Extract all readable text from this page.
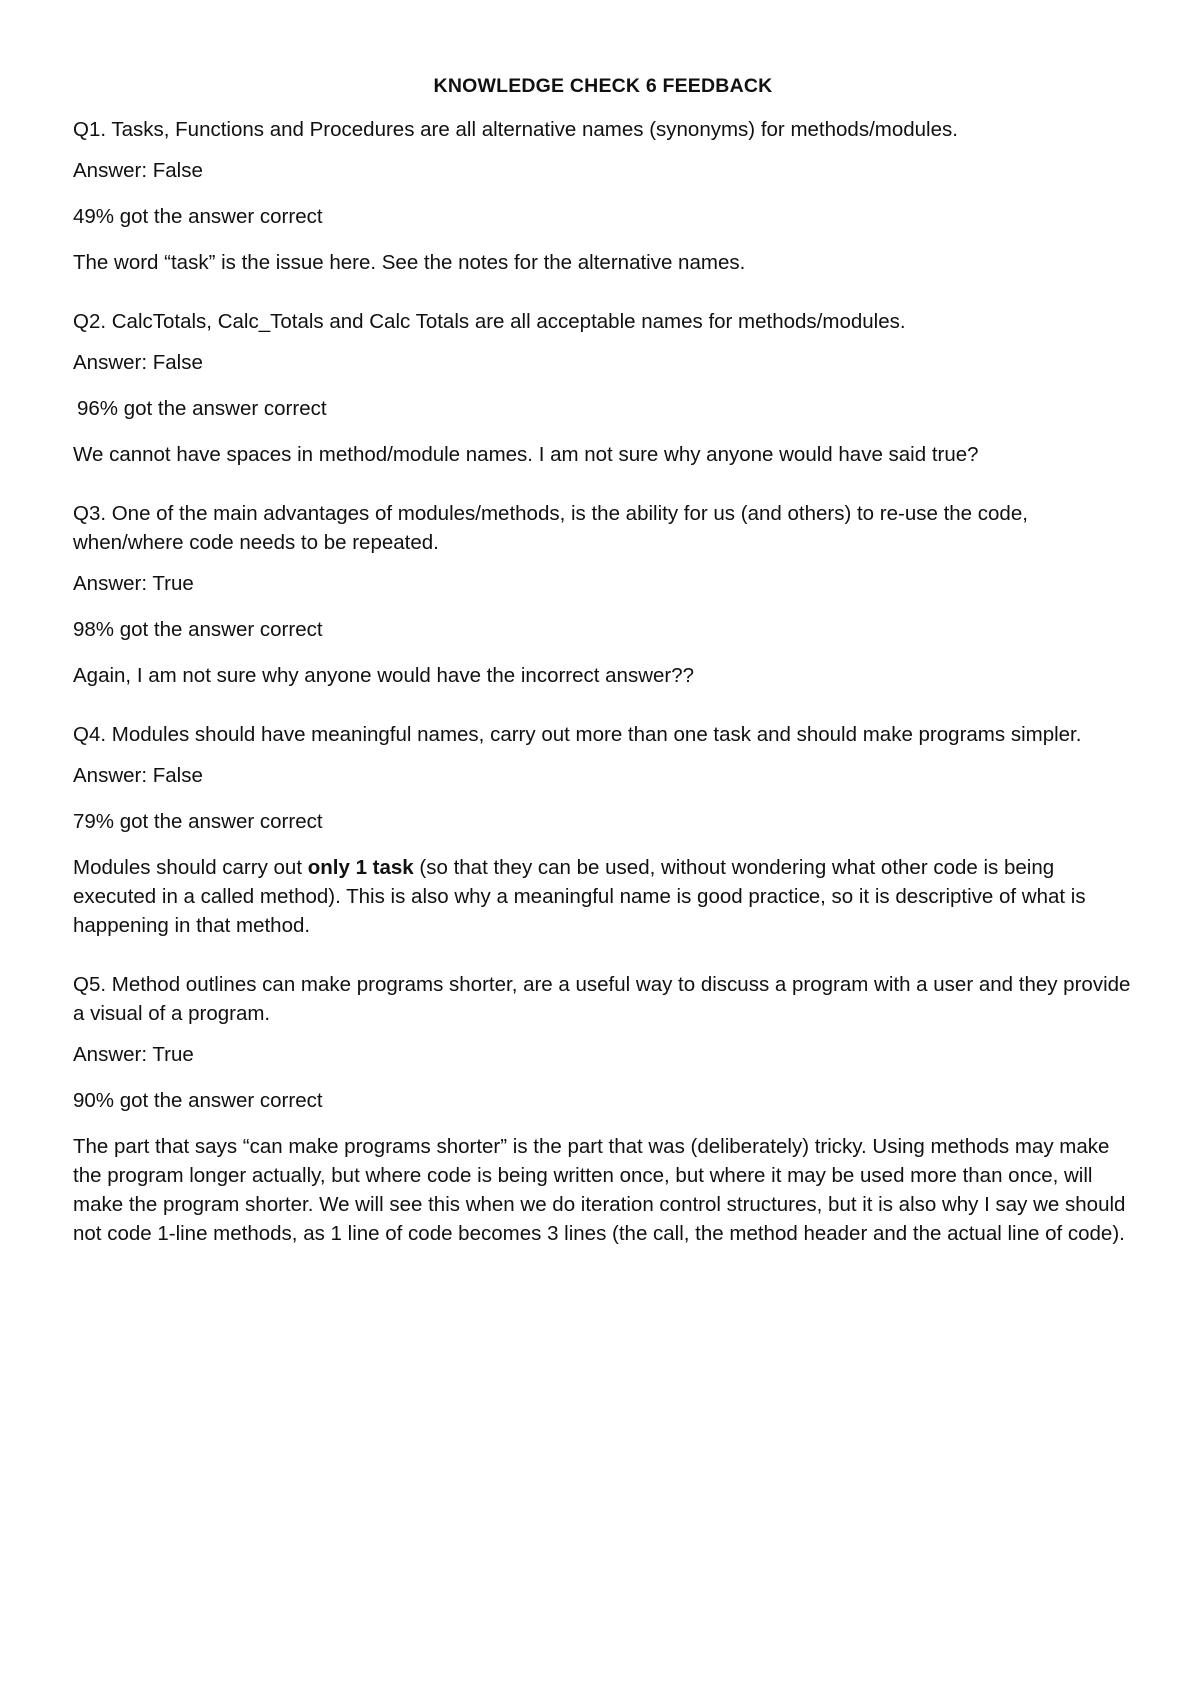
KNOWLEDGE CHECK 6 FEEDBACK
Q1. Tasks, Functions and Procedures are all alternative names (synonyms) for methods/modules.
Answer: False
49% got the answer correct
The word “task” is the issue here. See the notes for the alternative names.
Q2. CalcTotals, Calc_Totals and Calc Totals are all acceptable names for methods/modules.
Answer: False
96% got the answer correct
We cannot have spaces in method/module names. I am not sure why anyone would have said true?
Q3. One of the main advantages of modules/methods, is the ability for us (and others) to re-use the code, when/where code needs to be repeated.
Answer: True
98% got the answer correct
Again, I am not sure why anyone would have the incorrect answer??
Q4. Modules should have meaningful names, carry out more than one task and should make programs simpler.
Answer: False
79% got the answer correct
Modules should carry out only 1 task (so that they can be used, without wondering what other code is being executed in a called method). This is also why a meaningful name is good practice, so it is descriptive of what is happening in that method.
Q5. Method outlines can make programs shorter, are a useful way to discuss a program with a user and they provide a visual of a program.
Answer: True
90% got the answer correct
The part that says “can make programs shorter” is the part that was (deliberately) tricky. Using methods may make the program longer actually, but where code is being written once, but where it may be used more than once, will make the program shorter. We will see this when we do iteration control structures, but it is also why I say we should not code 1-line methods, as 1 line of code becomes 3 lines (the call, the method header and the actual line of code).
